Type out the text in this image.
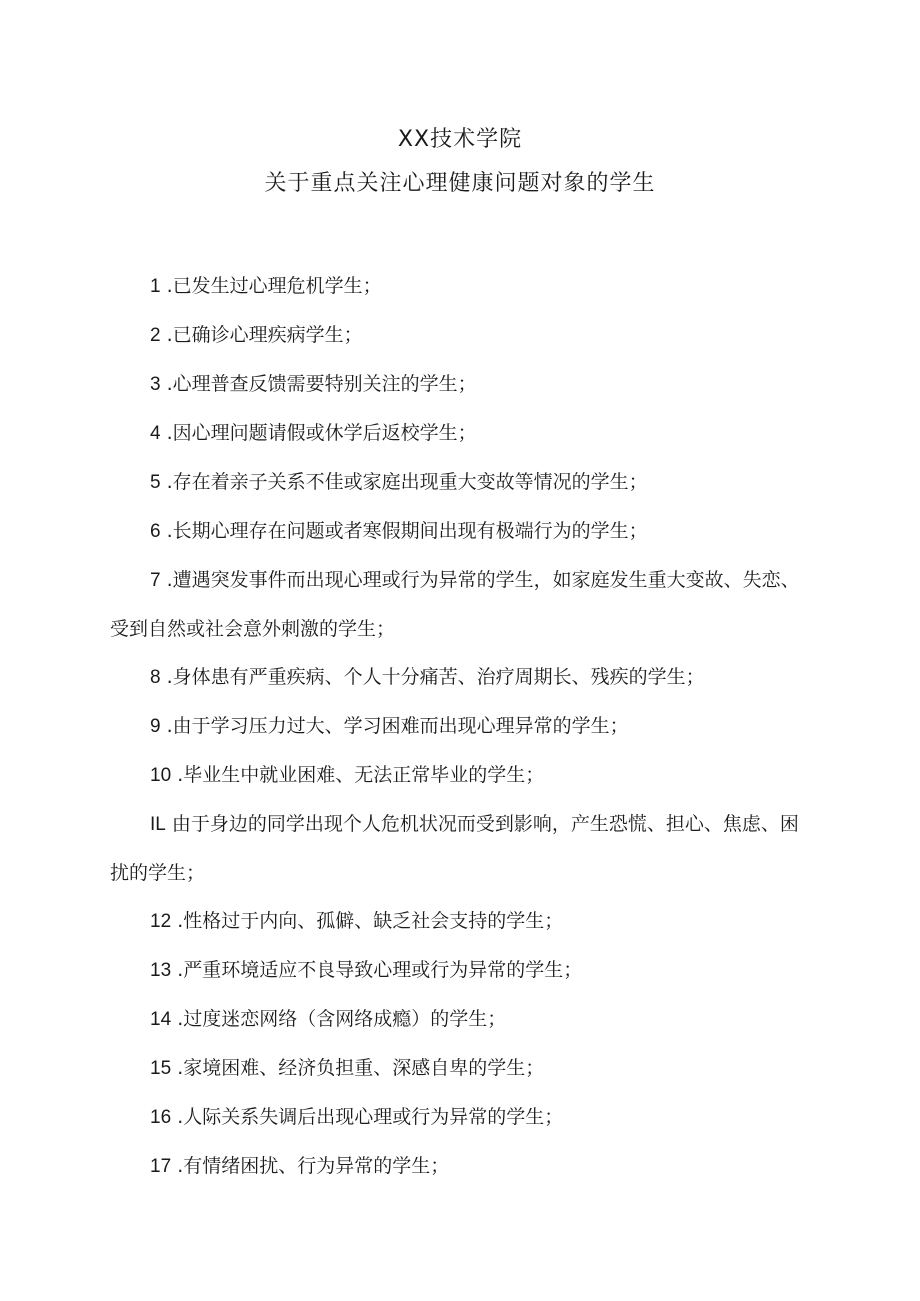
XX技术学院
关于重点关注心理健康问题对象的学生

1 .已发生过心理危机学生；

2 .已确诊心理疾病学生；

3 .心理普查反馈需要特别关注的学生；

4 .因心理问题请假或休学后返校学生；

5 .存在着亲子关系不佳或家庭出现重大变故等情况的学生；

6 .长期心理存在问题或者寒假期间出现有极端行为的学生；

7 .遭遇突发事件而出现心理或行为异常的学生，如家庭发生重大变故、失恋、受到自然或社会意外刺激的学生；

8 .身体患有严重疾病、个人十分痛苦、治疗周期长、残疾的学生；

9 .由于学习压力过大、学习困难而出现心理异常的学生；

10 .毕业生中就业困难、无法正常毕业的学生；

IL 由于身边的同学出现个人危机状况而受到影响，产生恐慌、担心、焦虑、困扰的学生；

12 .性格过于内向、孤僻、缺乏社会支持的学生；

13 .严重环境适应不良导致心理或行为异常的学生；

14 .过度迷恋网络（含网络成瘾）的学生；

15 .家境困难、经济负担重、深感自卑的学生；

16 .人际关系失调后出现心理或行为异常的学生；

17 .有情绪困扰、行为异常的学生；
